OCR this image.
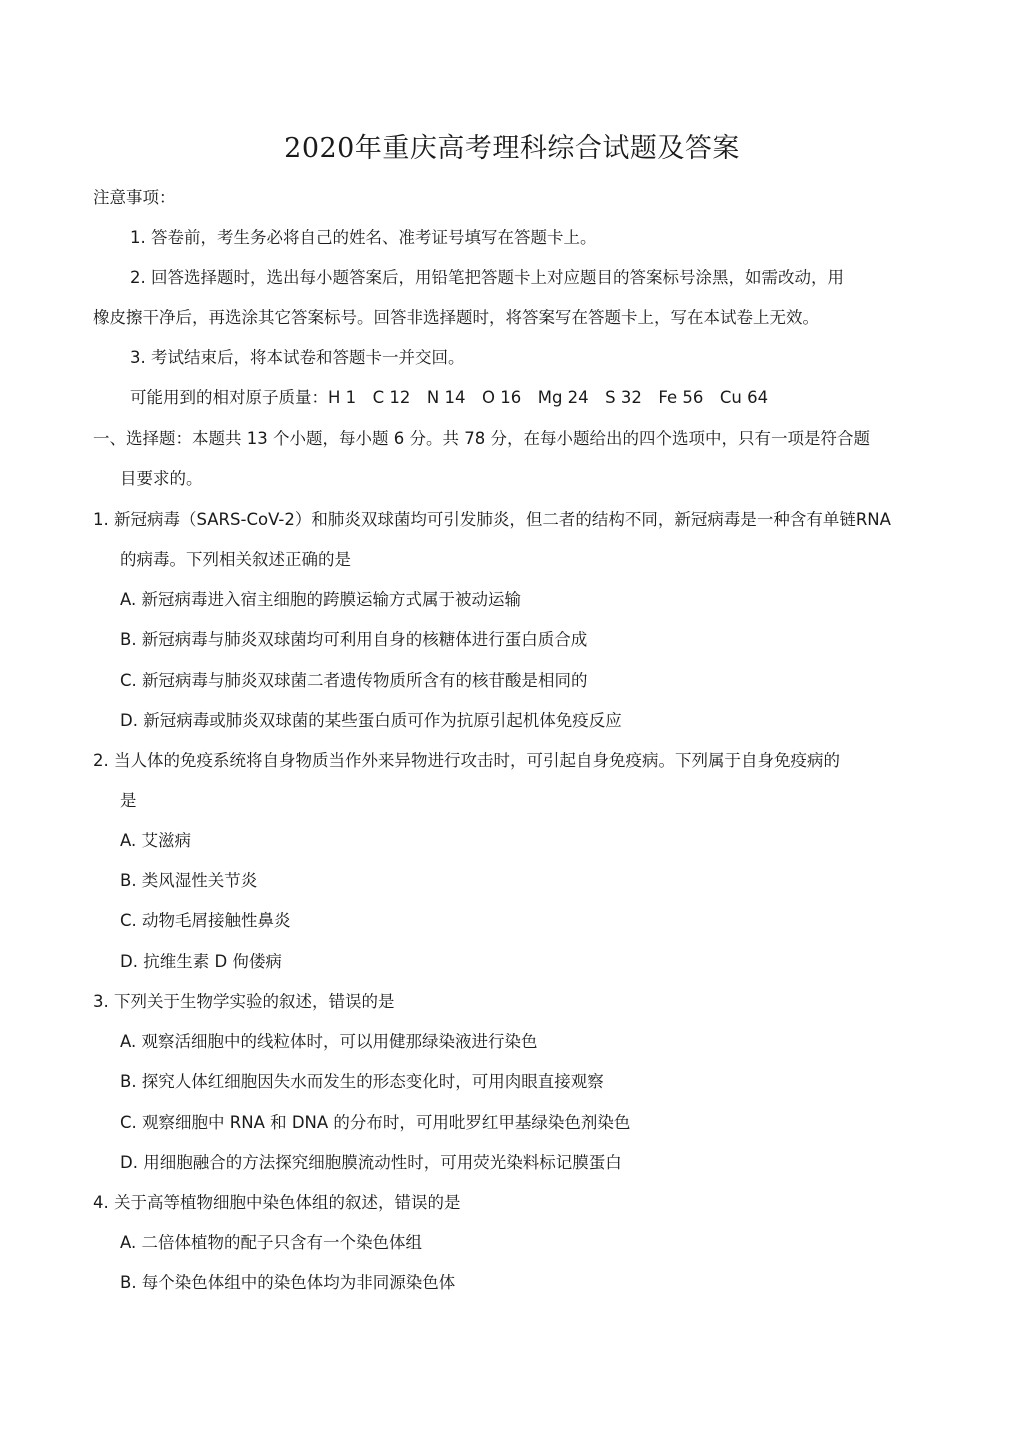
2020年重庆高考理科综合试题及答案
注意事项：
1. 答卷前，考生务必将自己的姓名、准考证号填写在答题卡上。
2. 回答选择题时，选出每小题答案后，用铅笔把答题卡上对应题目的答案标号涂黑，如需改动，用
橡皮擦干净后，再选涂其它答案标号。回答非选择题时，将答案写在答题卡上，写在本试卷上无效。
3. 考试结束后，将本试卷和答题卡一并交回。
可能用到的相对原子质量：H 1　C 12　N 14　O 16　Mg 24　S 32　Fe 56　Cu 64
一、选择题：本题共 13 个小题，每小题 6 分。共 78 分，在每小题给出的四个选项中，只有一项是符合题
目要求的。
1. 新冠病毒（SARS-CoV-2）和肺炎双球菌均可引发肺炎，但二者的结构不同，新冠病毒是一种含有单链RNA
的病毒。下列相关叙述正确的是
A. 新冠病毒进入宿主细胞的跨膜运输方式属于被动运输
B. 新冠病毒与肺炎双球菌均可利用自身的核糖体进行蛋白质合成
C. 新冠病毒与肺炎双球菌二者遗传物质所含有的核苷酸是相同的
D. 新冠病毒或肺炎双球菌的某些蛋白质可作为抗原引起机体免疫反应
2. 当人体的免疫系统将自身物质当作外来异物进行攻击时，可引起自身免疫病。下列属于自身免疫病的
是
A. 艾滋病
B. 类风湿性关节炎
C. 动物毛屑接触性鼻炎
D. 抗维生素 D 佝偻病
3. 下列关于生物学实验的叙述，错误的是
A. 观察活细胞中的线粒体时，可以用健那绿染液进行染色
B. 探究人体红细胞因失水而发生的形态变化时，可用肉眼直接观察
C. 观察细胞中 RNA 和 DNA 的分布时，可用吡罗红甲基绿染色剂染色
D. 用细胞融合的方法探究细胞膜流动性时，可用荧光染料标记膜蛋白
4. 关于高等植物细胞中染色体组的叙述，错误的是
A. 二倍体植物的配子只含有一个染色体组
B. 每个染色体组中的染色体均为非同源染色体
